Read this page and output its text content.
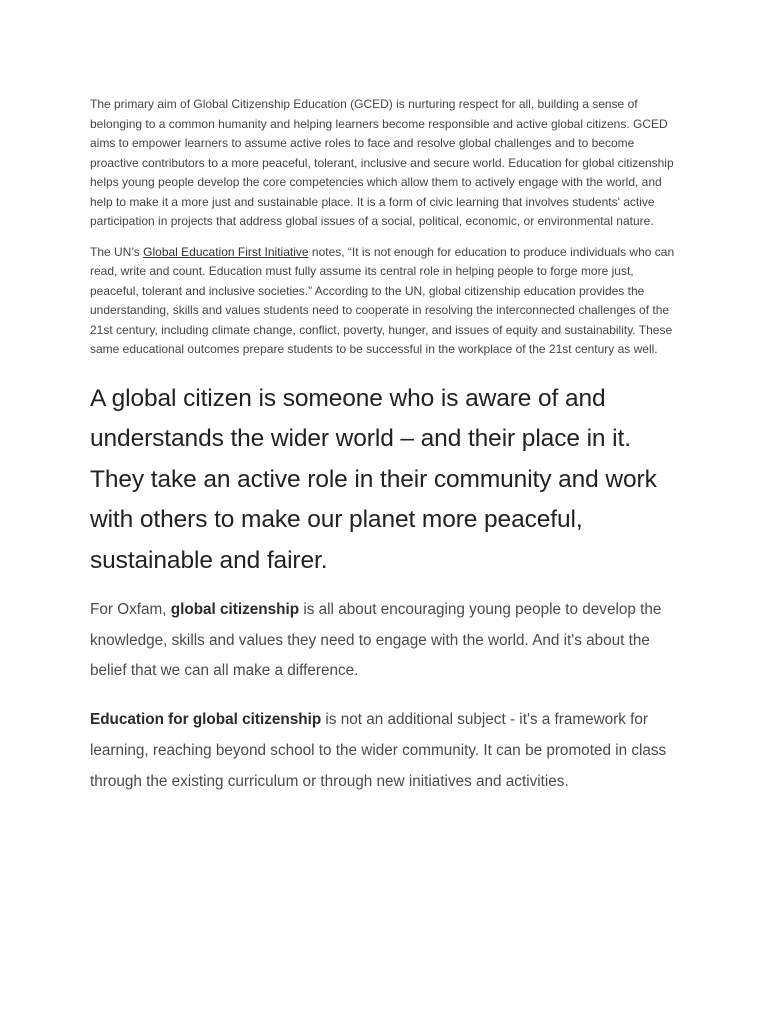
The primary aim of Global Citizenship Education (GCED) is nurturing respect for all, building a sense of belonging to a common humanity and helping learners become responsible and active global citizens. GCED aims to empower learners to assume active roles to face and resolve global challenges and to become proactive contributors to a more peaceful, tolerant, inclusive and secure world. Education for global citizenship helps young people develop the core competencies which allow them to actively engage with the world, and help to make it a more just and sustainable place. It is a form of civic learning that involves students' active participation in projects that address global issues of a social, political, economic, or environmental nature.

The UN’s Global Education First Initiative notes, “It is not enough for education to produce individuals who can read, write and count. Education must fully assume its central role in helping people to forge more just, peaceful, tolerant and inclusive societies.” According to the UN, global citizenship education provides the understanding, skills and values students need to cooperate in resolving the interconnected challenges of the 21st century, including climate change, conflict, poverty, hunger, and issues of equity and sustainability. These same educational outcomes prepare students to be successful in the workplace of the 21st century as well.

A global citizen is someone who is aware of and understands the wider world – and their place in it. They take an active role in their community and work with others to make our planet more peaceful, sustainable and fairer.

For Oxfam, global citizenship is all about encouraging young people to develop the knowledge, skills and values they need to engage with the world. And it's about the belief that we can all make a difference.

Education for global citizenship is not an additional subject - it's a framework for learning, reaching beyond school to the wider community. It can be promoted in class through the existing curriculum or through new initiatives and activities.
